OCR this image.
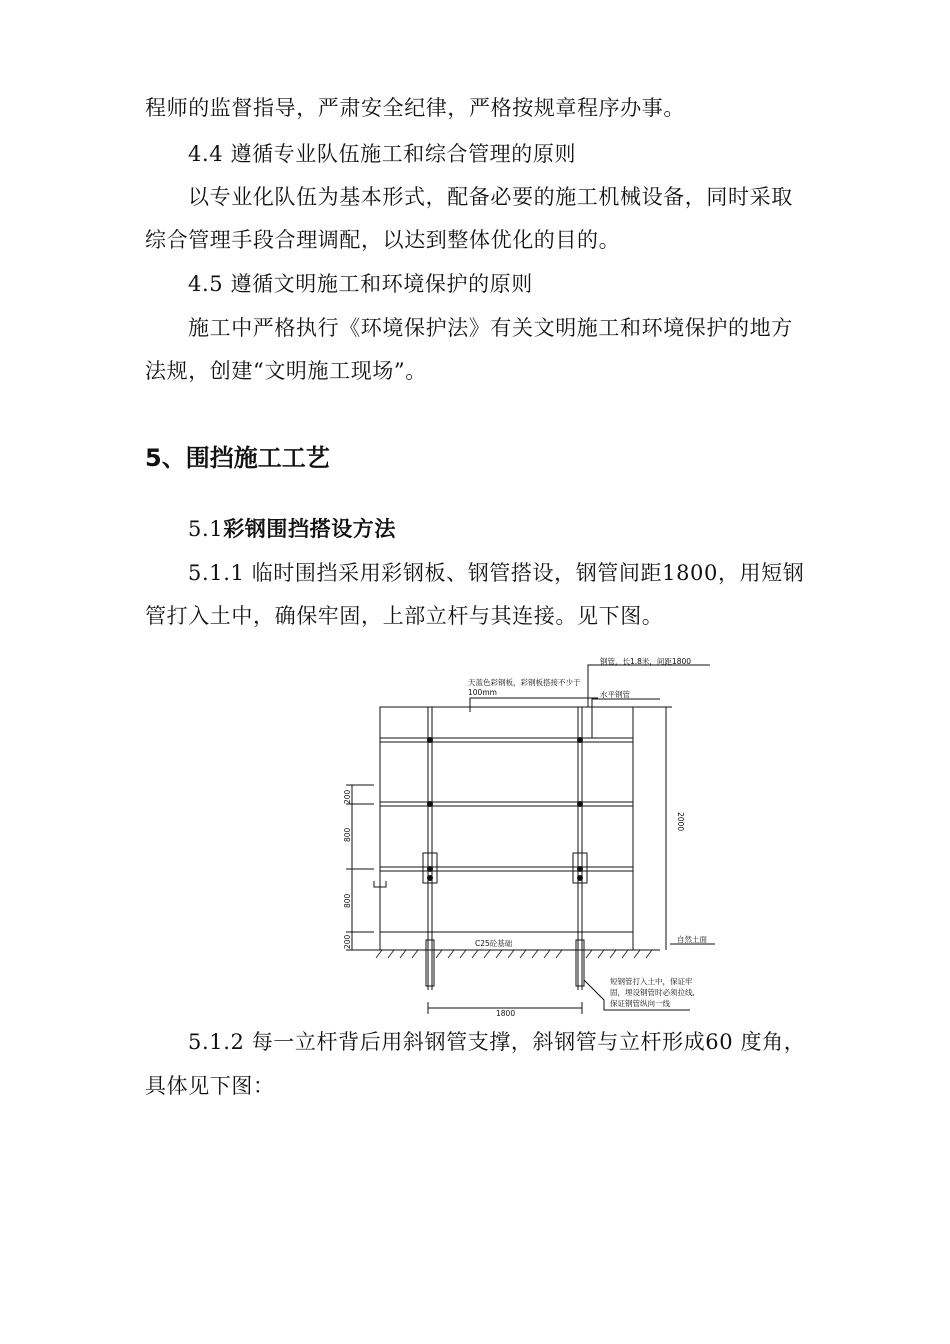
程师的监督指导，严肃安全纪律，严格按规章程序办事。
4.4 遵循专业队伍施工和综合管理的原则
以专业化队伍为基本形式，配备必要的施工机械设备，同时采取
综合管理手段合理调配，以达到整体优化的目的。
4.5 遵循文明施工和环境保护的原则
施工中严格执行《环境保护法》有关文明施工和环境保护的地方
法规，创建“文明施工现场”。
5、围挡施工工艺
5.1彩钢围挡搭设方法
5.1.1 临时围挡采用彩钢板、钢管搭设，钢管间距1800，用短钢
管打入土中，确保牢固，上部立杆与其连接。见下图。
钢管，长1.8米，间距1800
天蓝色彩钢板，彩钢板搭接不少于
100mm	水平钢管
C25砼基础	自然土面
短钢管打入土中，保证牢
固，埋设钢管时必须拉线,
保证钢管纵向一线
1800
200
800
800
200
2000
5.1.2 每一立杆背后用斜钢管支撑，斜钢管与立杆形成60 度角，
具体见下图：
